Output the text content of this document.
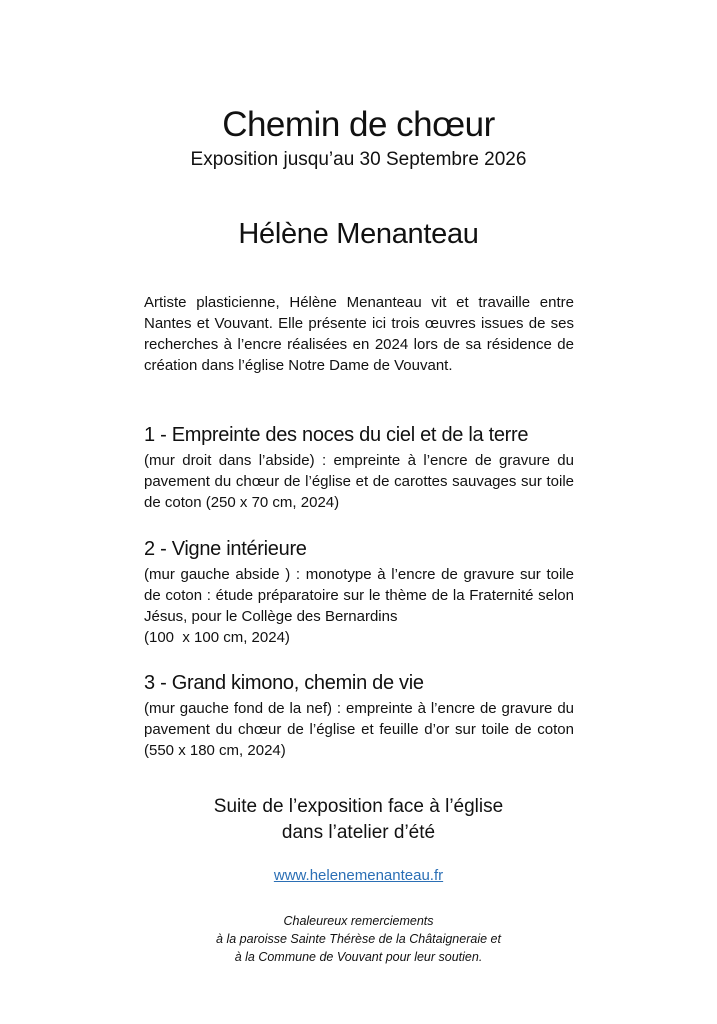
Chemin de chœur
Exposition jusqu’au 30 Septembre 2026
Hélène Menanteau

Artiste plasticienne, Hélène Menanteau vit et travaille entre Nantes et Vouvant. Elle présente ici trois œuvres issues de ses recherches à l’encre réalisées en 2024 lors de sa résidence de création dans l’église Notre Dame de Vouvant.

1 - Empreinte des noces du ciel et de la terre

(mur droit dans l’abside) : empreinte à l’encre de gravure du pavement du chœur de l’église et de carottes sauvages sur toile de coton (250 x 70 cm, 2024)

2 - Vigne intérieure

(mur gauche abside ) : monotype à l’encre de gravure sur toile de coton : étude préparatoire sur le thème de la Fraternité selon Jésus, pour le Collège des Bernardins

(100  x 100 cm, 2024)

3 - Grand kimono, chemin de vie

(mur gauche fond de la nef) : empreinte à l’encre de gravure du pavement du chœur de l’église et feuille d’or sur toile de coton (550 x 180 cm, 2024)

Suite de l’exposition face à l’église
dans l’atelier d’été
www.helenemenanteau.fr
Chaleureux remerciements
à la paroisse Sainte Thérèse de la Châtaigneraie et
à la Commune de Vouvant pour leur soutien.
